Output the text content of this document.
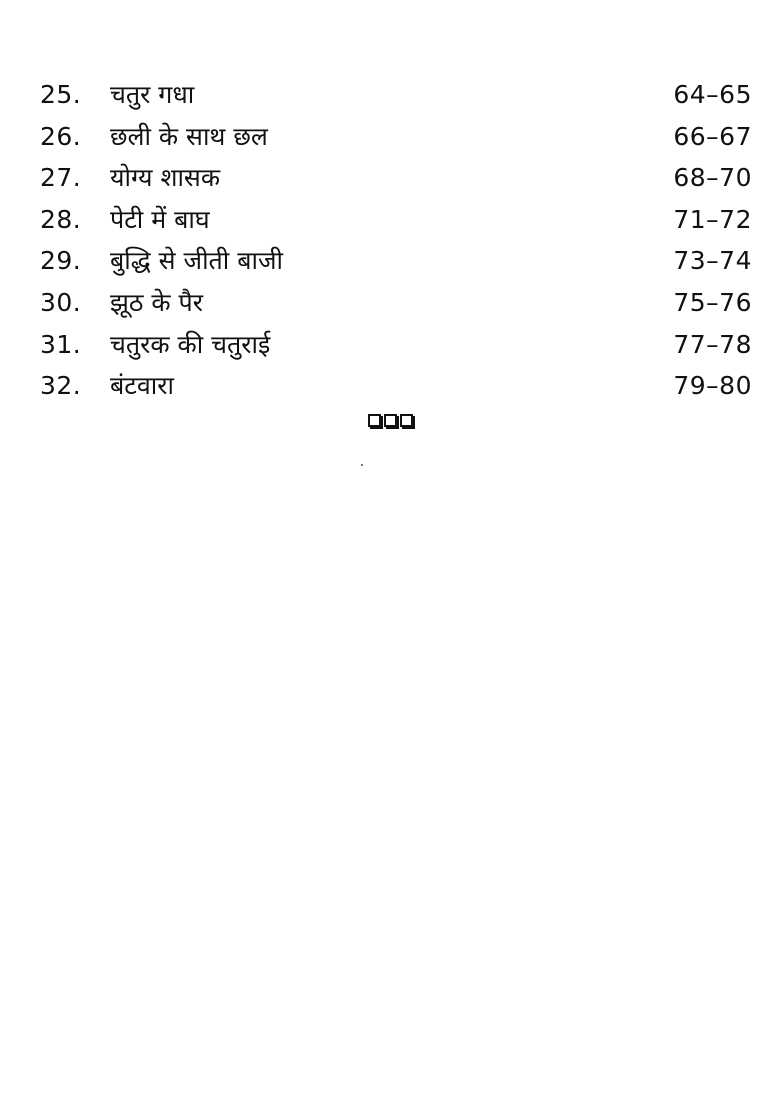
25.	चतुर गधा	64–65
26.	छली के साथ छल	66–67
27.	योग्य शासक	68–70
28.	पेटी में बाघ	71–72
29.	बुद्धि से जीती बाजी	73–74
30.	झूठ के पैर	75–76
31.	चतुरक की चतुराई	77–78
32.	बंटवारा	79–80
